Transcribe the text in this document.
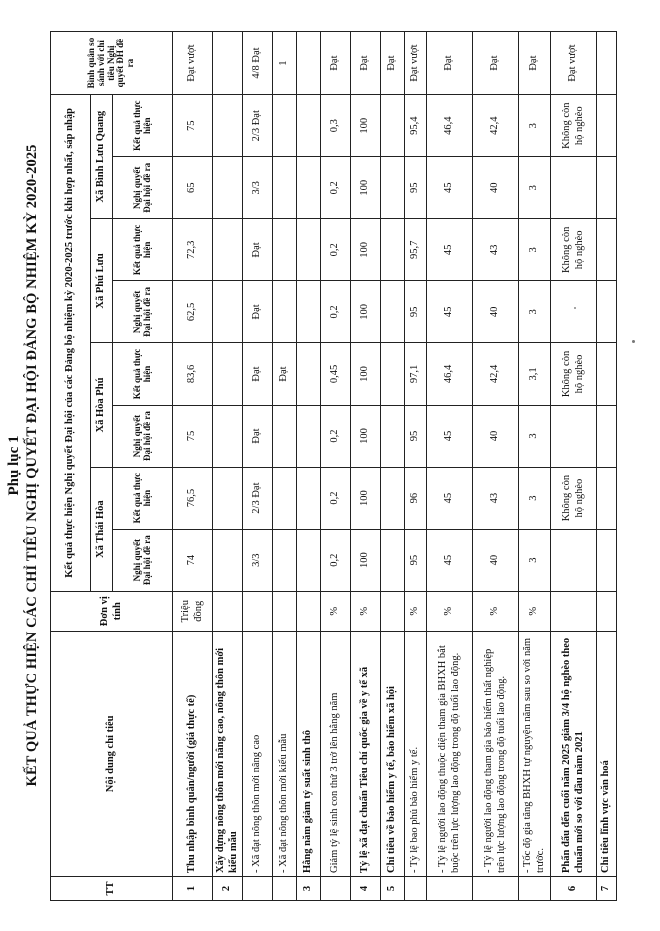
Phụ lục 1 KẾT QUẢ THỰC HIỆN CÁC CHỈ TIÊU NGHỊ QUYẾT ĐẠI HỘI ĐẢNG BỘ NHIỆM KỲ 2020-2025
TT	Nội dung chỉ tiêu	Đơn vị tính	Kết quả thực hiện Nghị quyết Đại hội của các Đảng bộ nhiệm kỳ 2020-2025 trước khi hợp nhất, sáp nhập								Bình quân so sánh với chỉ tiêu Nghị quyết ĐH đề ra
			Xã Thái Hòa		Xã Hòa Phú		Xã Phú Lưu		Xã Bình Lưu Quang		
			Nghị quyết Đại hội đề ra	Kết quả thực hiện	Nghị quyết Đại hội đề ra	Kết quả thực hiện	Nghị quyết Đại hội đề ra	Kết quả thực hiện	Nghị quyết Đại hội đề ra	Kết quả thực hiện	
1	Thu nhập bình quân/người (giá thực tế)	Triệu đồng	74	76,5	75	83,6	62,5	72,3	65	75	Đạt vượt
2	Xây dựng nông thôn mới nâng cao, nông thôn mới kiểu mẫu										
	- Xã đạt nông thôn mới nâng cao		3/3	2/3 Đạt	Đạt	Đạt	Đạt	Đạt	3/3	2/3 Đạt	4/8 Đạt
	- Xã đạt nông thôn mới kiểu mẫu					Đạt					1
3	Hằng năm giảm tỷ suất sinh thô										
	Giảm tỷ lệ sinh con thứ 3 trở lên hằng năm	%	0,2	0,2	0,2	0,45	0,2	0,2	0,2	0,3	Đạt
4	Tỷ lệ xã đạt chuẩn Tiêu chí quốc gia về y tế xã	%	100	100	100	100	100	100	100	100	Đạt
5	Chỉ tiêu về bảo hiểm y tế, bảo hiểm xã hội										Đạt
	- Tỷ lệ bao phủ bảo hiểm y tế.	%	95	96	95	97,1	95	95,7	95	95,4	Đạt vượt
	- Tỷ lệ người lao động thuộc diện tham gia BHXH bắt buộc trên lực lượng lao động trong độ tuổi lao động.	%	45	45	45	46,4	45	45	45	46,4	Đạt
	- Tỷ lệ người lao động tham gia bảo hiểm thất nghiệp trên lực lượng lao động trong độ tuổi lao động.	%	40	43	40	42,4	40	43	40	42,4	Đạt
	- Tốc độ gia tăng BHXH tự nguyện năm sau so với năm trước.	%	3	3	3	3,1	3	3	3	3	Đạt
6	Phấn đấu đến cuối năm 2025 giảm 3/4 hộ nghèo theo chuẩn mới so với đầu năm 2021			Không còn hộ nghèo		Không còn hộ nghèo		Không còn hộ nghèo		Không còn hộ nghèo	Đạt vượt
7	Chỉ tiêu lĩnh vực văn hoá										
